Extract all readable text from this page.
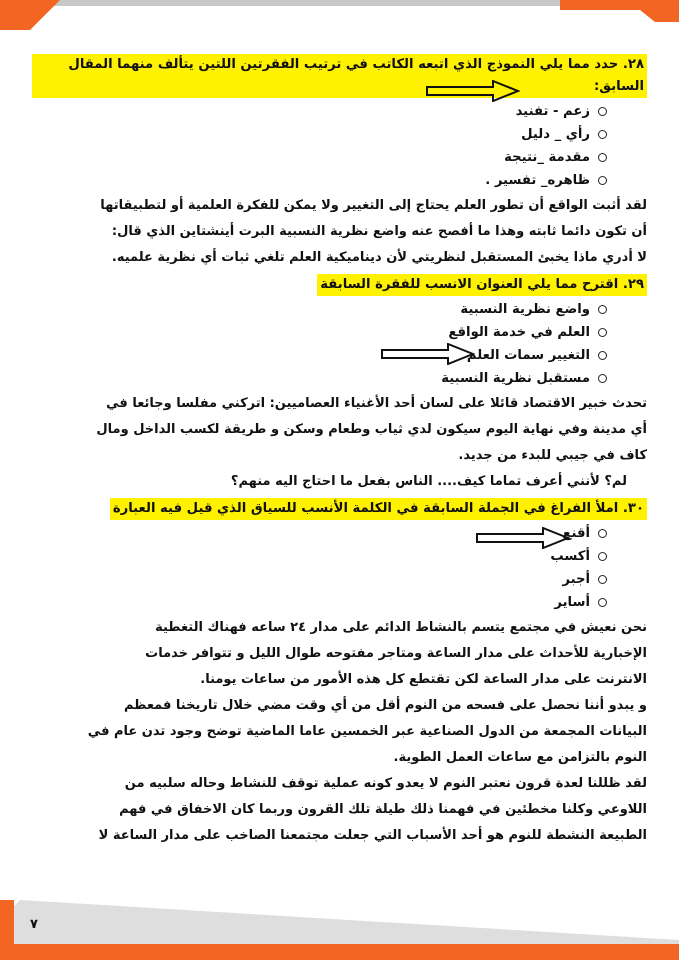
٢٨. حدد مما يلي النموذج الذي اتبعه الكاتب في ترتيب الفقرتين اللتين يتألف منهما المقال السابق:
زعم - تفنيد
رأي _ دليل
مقدمة _نتيجة
ظاهره_ تفسير .
لقد أثبت الواقع أن تطور العلم يحتاج إلى التغيير ولا يمكن للفكرة العلمية أو لتطبيقاتها
أن تكون دائما ثابته وهذا ما أفصح عنه واضع نظرية النسبية البرت أينشتاين الذي قال:
لا أدري ماذا يخبئ المستقبل لنظريتي لأن ديناميكية العلم تلغي ثبات أي نظرية علميه.
٢٩. اقترح مما يلي العنوان الانسب للفقرة السابقة
واضع نظرية النسبية
العلم في خدمة الواقع
التغيير سمات العلم
مستقبل نظرية النسبية
تحدث خبير الاقتصاد قائلا على لسان أحد الأغنياء العصاميين: اتركني مفلسا وجائعا في
أي مدينة وفي نهاية اليوم سيكون لدي ثياب وطعام وسكن و طريقة لكسب الداخل ومال
كاف في جيبي للبدء من جديد.
لم؟ لأنني أعرف تماما كيف.... الناس بفعل ما احتاج اليه منهم؟
٣٠. املأ الفراغ في الجملة السابقة في الكلمة الأنسب للسياق الذي قيل فيه العبارة
أقنع
أكسب
أجبر
أساير
نحن نعيش في مجتمع يتسم بالنشاط الدائم على مدار ٢٤ ساعه فهناك التغطية
الإخبارية للأحداث على مدار الساعة ومتاجر مفتوحه طوال الليل و تتوافر خدمات
الانترنت على مدار الساعة لكن تقتطع كل هذه الأمور من ساعات يومنا.
و يبدو أننا نحصل على فسحه من النوم أقل من أي وقت مضي خلال تاريخنا فمعظم
البيانات المجمعة من الدول الصناعية عبر الخمسين عاما الماضية توضح وجود تدن عام في
النوم بالتزامن مع ساعات العمل الطوية.
لقد ظللنا لعدة قرون نعتبر النوم لا يعدو كونه عملية توقف للنشاط وحاله سلبيه من
اللاوعي وكلنا مخطئين في فهمنا ذلك طيلة تلك القرون وربما كان الاخفاق في فهم
الطبيعة النشطة للنوم هو أحد الأسباب التي جعلت مجتمعنا الصاخب على مدار الساعة لا
٧
